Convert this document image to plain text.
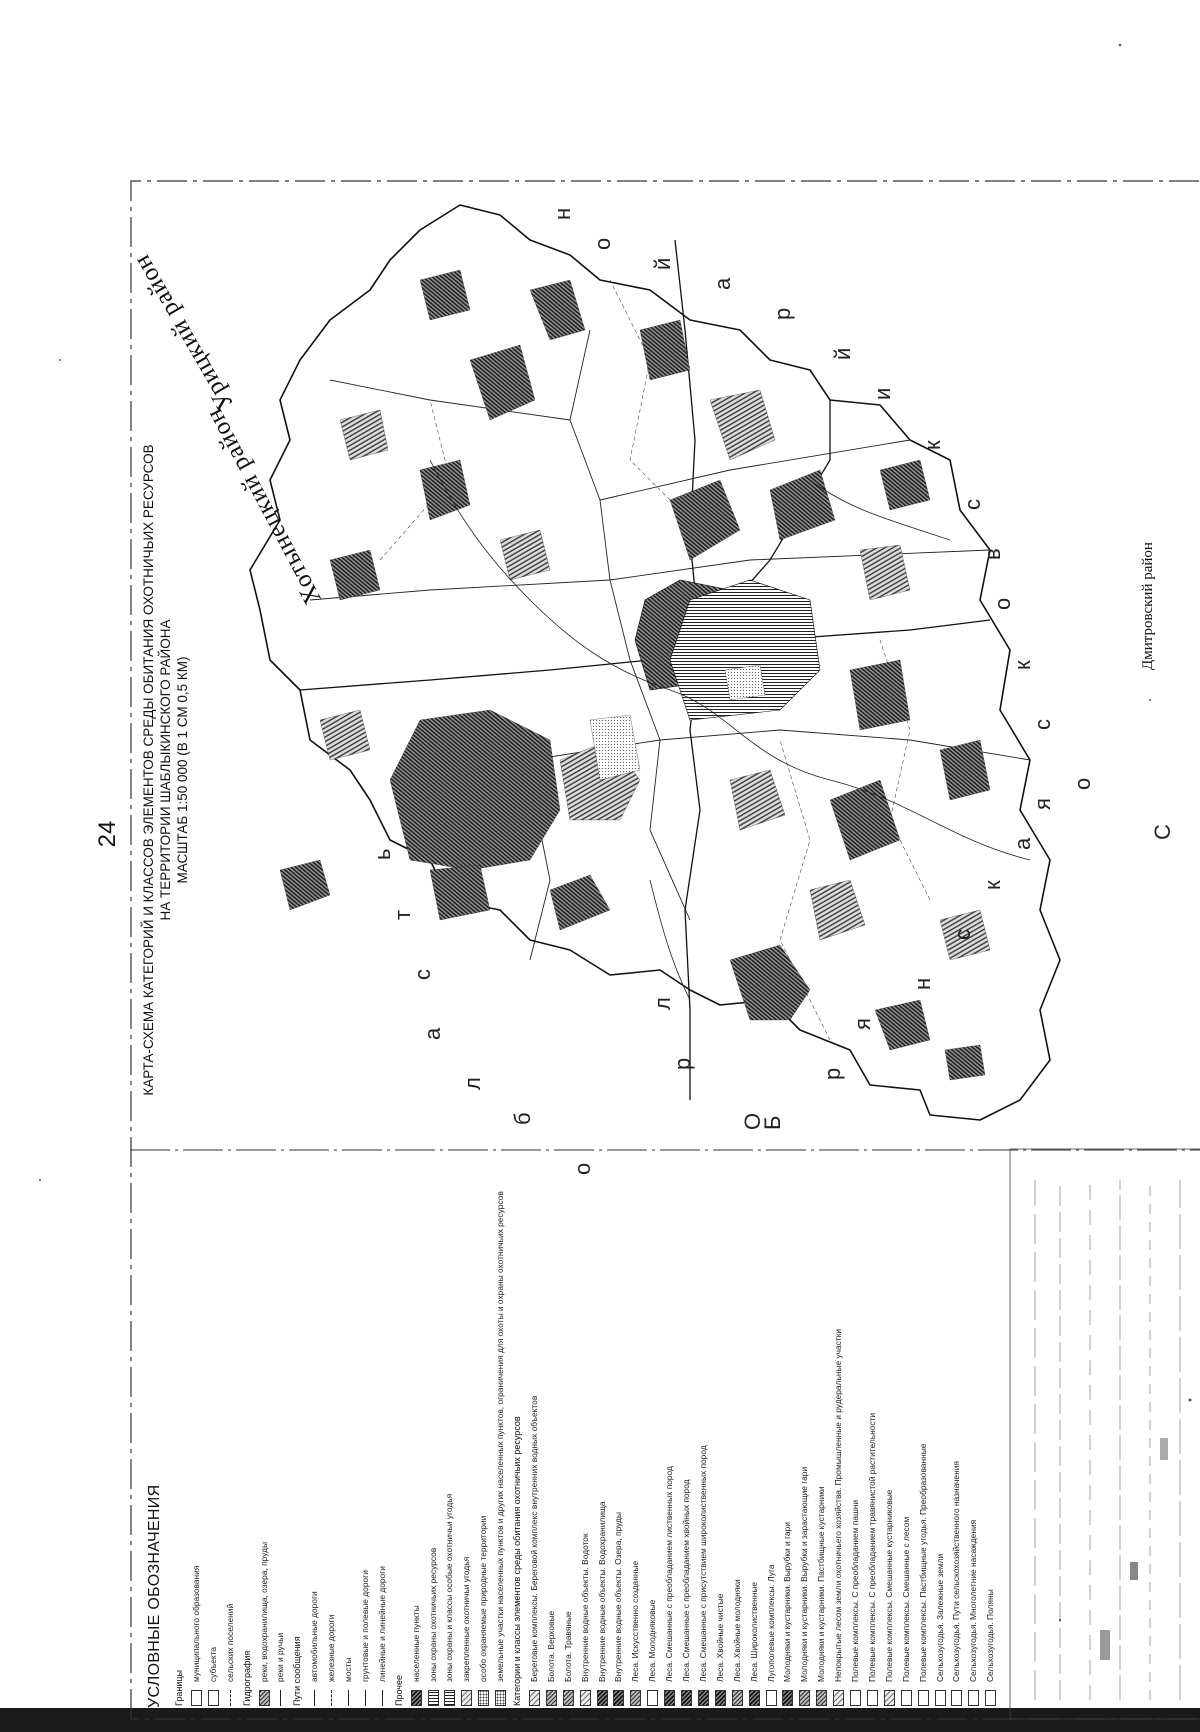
24
УСЛОВНЫЕ ОБОЗНАЧЕНИЯ Границы
муниципального образования субъекта сельских поселений Гидрография реки, водохранилища, озера, пруды реки и ручьи Пути сообщения автомобильные дороги железные дороги мосты грунтовые и полевые дороги линейные и линейные дороги
Прочее
населенные пункты зоны охраны охотничьих ресурсов зоны охраны и классы особые охотничьи угодья закрепленные охотничьи угодья особо охраняемые природные территории земельные участки населенных пунктов и других населенных пунктов, ограничения для охоты и охраны охотничьих ресурсов Категории и классы элементов среды обитания охотничьих ресурсов Береговые комплексы. Береговой комплекс внутренних водных объектов Болота. Верховые Болота. Травяные Внутренние водные объекты. Водоток Внутренние водные объекты. Водохранилища Внутренние водные объекты. Озера, пруды Леса. Искусственно созданные Леса. Молодняковые Леса. Смешанные с преобладанием лиственных пород Леса. Смешанные с преобладанием хвойных пород Леса. Смешанные с присутствием широколиственных пород Леса. Хвойные чистые Леса. Хвойные молодняки Леса. Широколиственные Лугополевые комплексы. Луга Молодняки и кустарники. Вырубки и гари Молодняки и кустарники. Вырубки и зарастающие гари Молодняки и кустарники. Пастбищные кустарники Непокрытые лесом земли охотничьего хозяйства. Промышленные и рудеральные участки Полевые комплексы. С преобладанием пашни Полевые комплексы. С преобладанием травянистой растительности Полевые комплексы. Смешанные кустарниковые Полевые комплексы. Смешанные с лесом Полевые комплексы. Пастбищные угодья. Преобразованные Сельхозугодья. Залежные земли Сельхозугодья. Пути сельскохозяйственного назначения Сельхозугодья. Многолетние насаждения Сельхозугодья. Поляны
КАРТА-СХЕМА КАТЕГОРИЙ И КЛАССОВ ЭЛЕМЕНТОВ СРЕДЫ ОБИТАНИЯ ОХОТНИЧЬИХ РЕСУРСОВ НА ТЕРРИТОРИИ ШАБЛЫКИНСКОГО РАЙОНА МАСШТАБ 1:50 000 (В 1 СМ 0,5 КМ)
Хотынецкий район
Урицкий район
Дмитровский район
о
б
л
а
с
т
ь
Б
р
я
н
с
к
а
я
О
р
л
С
о
с
к
о
в
с
к
и
й
р
а
й
о
н
